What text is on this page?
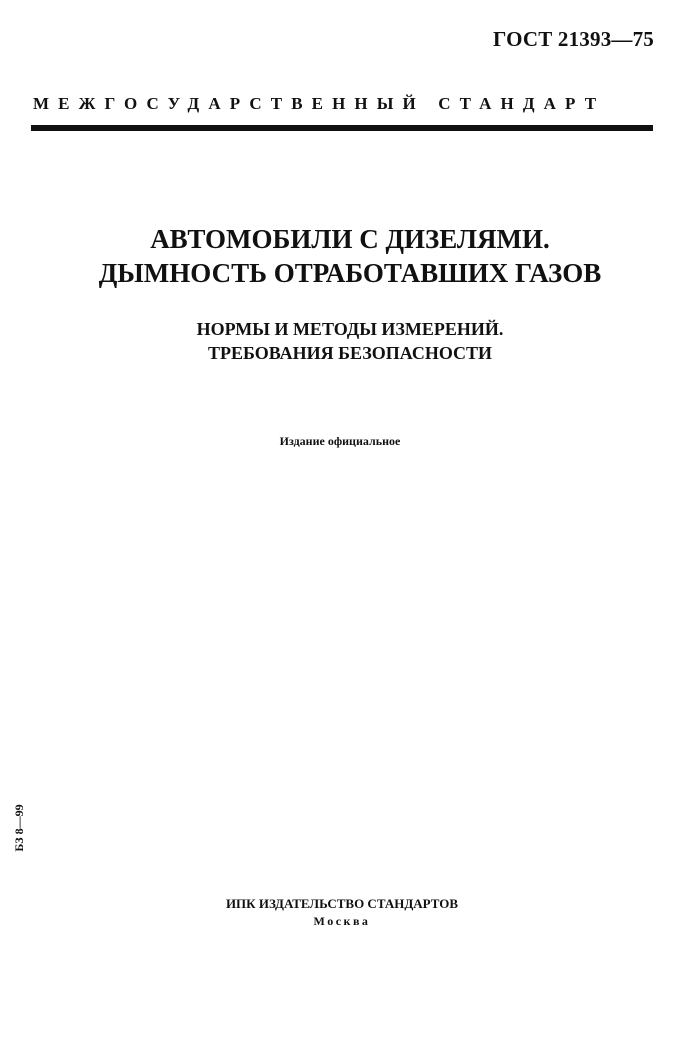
ГОСТ 21393—75
МЕЖГОСУДАРСТВЕННЫЙ СТАНДАРТ
АВТОМОБИЛИ С ДИЗЕЛЯМИ.
ДЫМНОСТЬ ОТРАБОТАВШИХ ГАЗОВ
НОРМЫ И МЕТОДЫ ИЗМЕРЕНИЙ.
ТРЕБОВАНИЯ БЕЗОПАСНОСТИ
Издание официальное
БЗ 8—99
ИПК ИЗДАТЕЛЬСТВО СТАНДАРТОВ
Москва
